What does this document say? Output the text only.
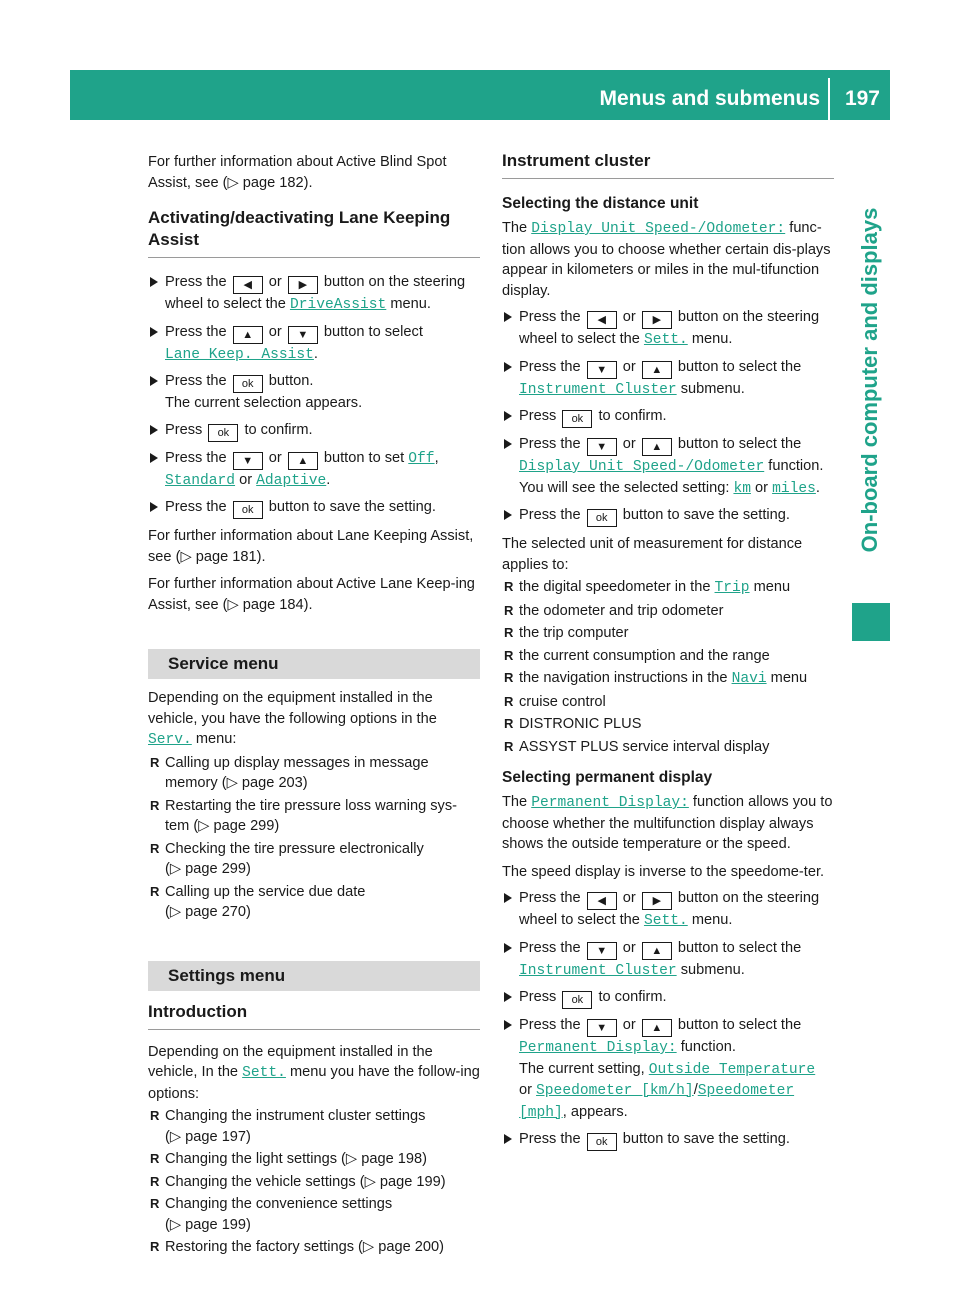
Menus and submenus 197
On-board computer and displays

For further information about Active Blind Spot
Assist, see (▷ page 182).

Activating/deactivating Lane Keeping Assist
Press the ◀ or ▶ button on the steering wheel to select the DriveAssist menu.
Press the ▲ or ▼ button to select
Lane Keep. Assist.
Press the ok button.
The current selection appears.
Press ok to confirm.
Press the ▼ or ▲ button to set Off,
Standard or Adaptive.
Press the ok button to save the setting.

For further information about Lane Keeping Assist, see (▷ page 181).

For further information about Active Lane Keep-ing Assist, see (▷ page 184).

Service menu

Depending on the equipment installed in the vehicle, you have the following options in the Serv. menu:

R Calling up display messages in message memory (▷ page 203)
R Restarting the tire pressure loss warning sys-tem (▷ page 299)
R Checking the tire pressure electronically
(▷ page 299)
R Calling up the service due date
(▷ page 270)
Settings menu
Introduction

Depending on the equipment installed in the vehicle, In the Sett. menu you have the follow-ing options:

R Changing the instrument cluster settings
(▷ page 197)
R Changing the light settings (▷ page 198)
R Changing the vehicle settings (▷ page 199)
R Changing the convenience settings
(▷ page 199)
R Restoring the factory settings (▷ page 200)
Instrument cluster
Selecting the distance unit

The Display Unit Speed-/Odometer: func-tion allows you to choose whether certain dis-plays appear in kilometers or miles in the mul-tifunction display.

Press the ◀ or ▶ button on the steering wheel to select the Sett. menu.
Press the ▼ or ▲ button to select the
Instrument Cluster submenu.
Press ok to confirm.
Press the ▼ or ▲ button to select the
Display Unit Speed-/Odometer function.
You will see the selected setting: km or miles.
Press the ok button to save the setting.

The selected unit of measurement for distance applies to:

R the digital speedometer in the Trip menu
R the odometer and trip odometer
R the trip computer
R the current consumption and the range
R the navigation instructions in the Navi menu
R cruise control
R DISTRONIC PLUS
R ASSYST PLUS service interval display
Selecting permanent display

The Permanent Display: function allows you to choose whether the multifunction display always shows the outside temperature or the speed.

The speed display is inverse to the speedome-ter.

Press the ◀ or ▶ button on the steering wheel to select the Sett. menu.
Press the ▼ or ▲ button to select the
Instrument Cluster submenu.
Press ok to confirm.
Press the ▼ or ▲ button to select the
Permanent Display: function.
The current setting, Outside Temperature
or Speedometer [km/h]/Speedometer [mph], appears.
Press the ok button to save the setting.
